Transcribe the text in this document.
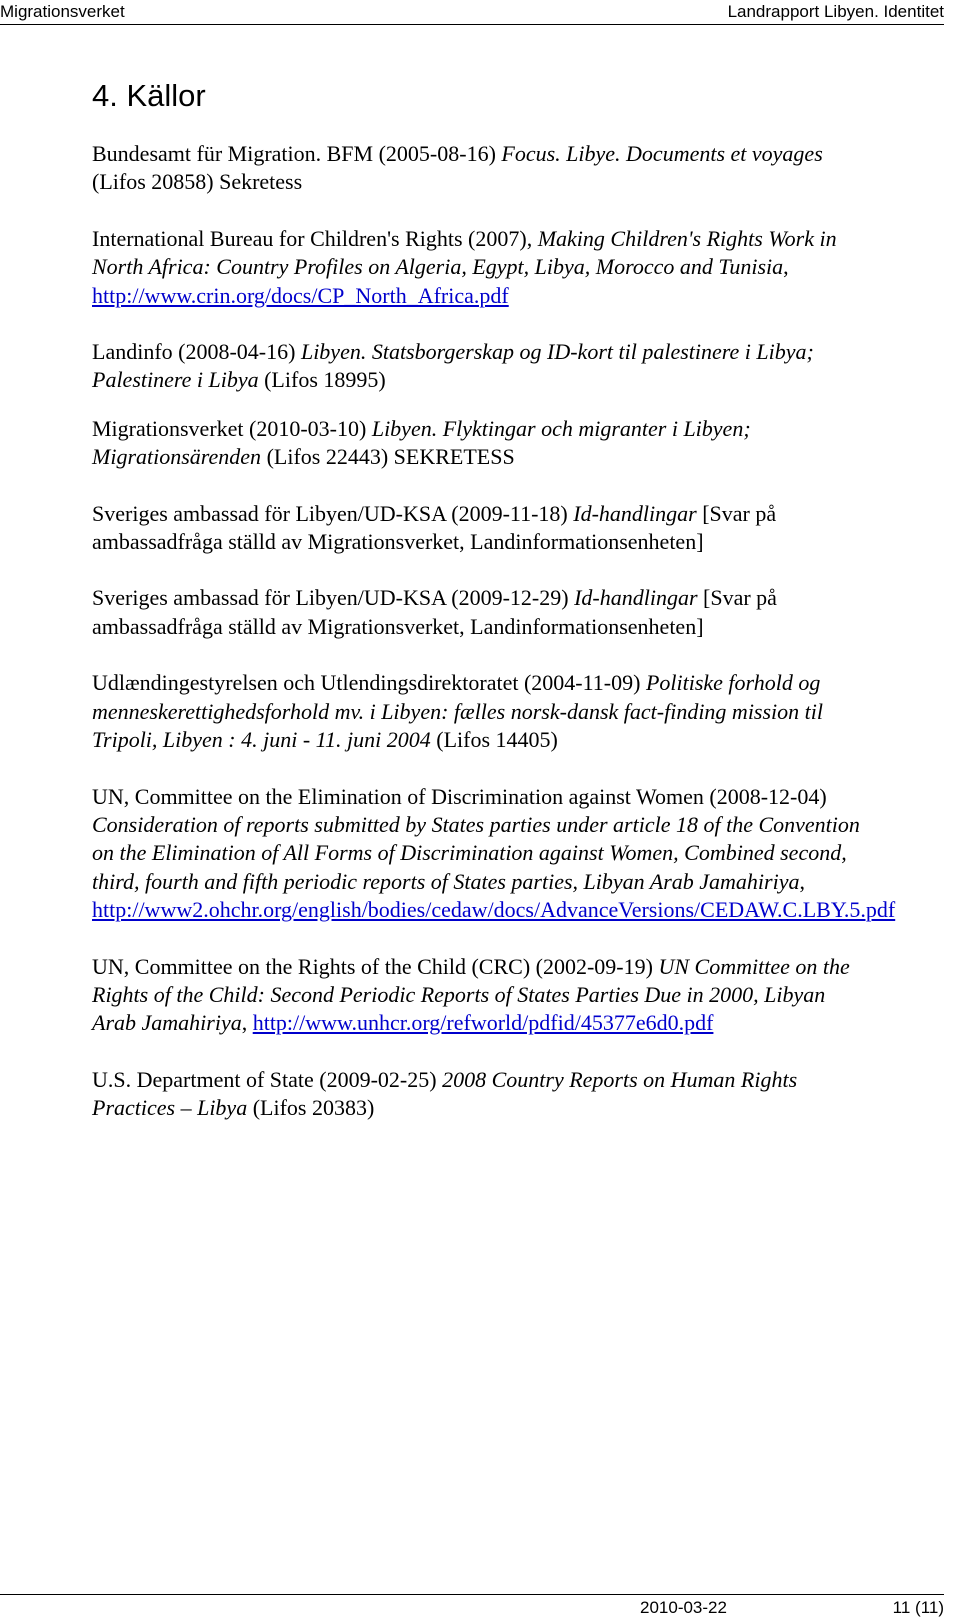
Migrationsverket	Landrapport Libyen. Identitet
4. Källor

Bundesamt für Migration. BFM (2005-08-16) Focus. Libye. Documents et voyages (Lifos 20858) Sekretess

International Bureau for Children's Rights (2007), Making Children's Rights Work in North Africa: Country Profiles on Algeria, Egypt, Libya, Morocco and Tunisia, http://www.crin.org/docs/CP_North_Africa.pdf

Landinfo (2008-04-16) Libyen. Statsborgerskap og ID-kort til palestinere i Libya; Palestinere i Libya (Lifos 18995)

Migrationsverket (2010-03-10) Libyen. Flyktingar och migranter i Libyen; Migrationsärenden (Lifos 22443) SEKRETESS

Sveriges ambassad för Libyen/UD-KSA (2009-11-18) Id-handlingar [Svar på ambassadfråga ställd av Migrationsverket, Landinformationsenheten]

Sveriges ambassad för Libyen/UD-KSA (2009-12-29) Id-handlingar [Svar på ambassadfråga ställd av Migrationsverket, Landinformationsenheten]

Udlændingestyrelsen och Utlendingsdirektoratet (2004-11-09) Politiske forhold og menneskerettighedsforhold mv. i Libyen: fælles norsk-dansk fact-finding mission til Tripoli, Libyen : 4. juni - 11. juni 2004 (Lifos 14405)

UN, Committee on the Elimination of Discrimination against Women (2008-12-04) Consideration of reports submitted by States parties under article 18 of the Convention on the Elimination of All Forms of Discrimination against Women, Combined second, third, fourth and fifth periodic reports of States parties, Libyan Arab Jamahiriya, http://www2.ohchr.org/english/bodies/cedaw/docs/AdvanceVersions/CEDAW.C.LBY.5.pdf

UN, Committee on the Rights of the Child (CRC) (2002-09-19) UN Committee on the Rights of the Child: Second Periodic Reports of States Parties Due in 2000, Libyan Arab Jamahiriya, http://www.unhcr.org/refworld/pdfid/45377e6d0.pdf

U.S. Department of State (2009-02-25) 2008 Country Reports on Human Rights Practices – Libya (Lifos 20383)

2010-03-22	11 (11)
